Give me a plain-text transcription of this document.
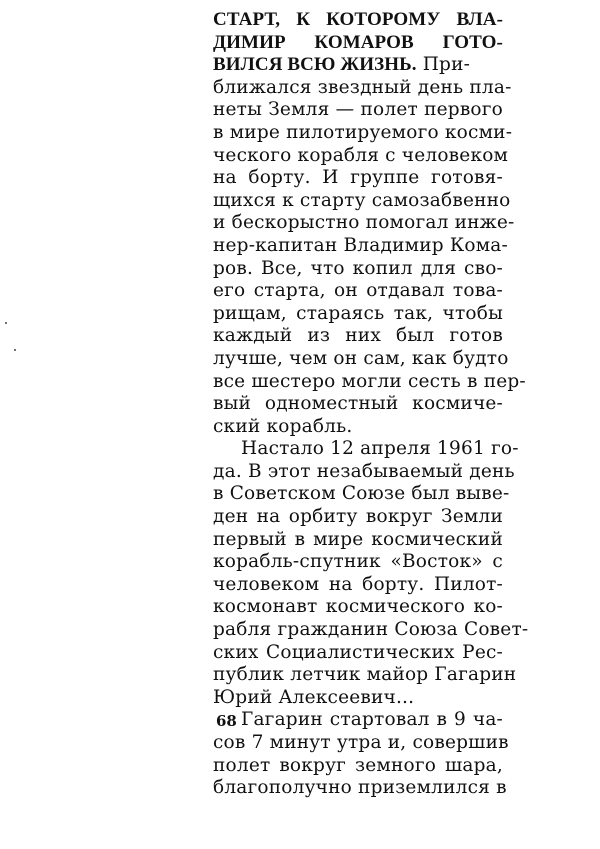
СТАРТ, К КОТОРОМУ ВЛА-
ДИМИР КОМАРОВ ГОТО-
ВИЛСЯ ВСЮ ЖИЗНЬ. При-
ближался звездный день пла-
неты Земля — полет первого
в мире пилотируемого косми-
ческого корабля с человеком
на борту. И группе готовя-
щихся к старту самозабвенно
и бескорыстно помогал инже-
нер-капитан Владимир Кома-
ров. Все, что копил для сво-
его старта, он отдавал това-
рищам, стараясь так, чтобы
каждый из них был готов
лучше, чем он сам, как будто
все шестеро могли сесть в пер-
вый одноместный космиче-
ский корабль.
Настало 12 апреля 1961 го-
да. В этот незабываемый день
в Советском Союзе был выве-
ден на орбиту вокруг Земли
первый в мире космический
корабль-спутник «Восток» с
человеком на борту. Пилот-
космонавт космического ко-
рабля гражданин Союза Совет-
ских Социалистических Рес-
публик летчик майор Гагарин
Юрий Алексеевич...
Гагарин стартовал в 9 ча-
сов 7 минут утра и, совершив
полет вокруг земного шара,
благополучно приземлился в
68
